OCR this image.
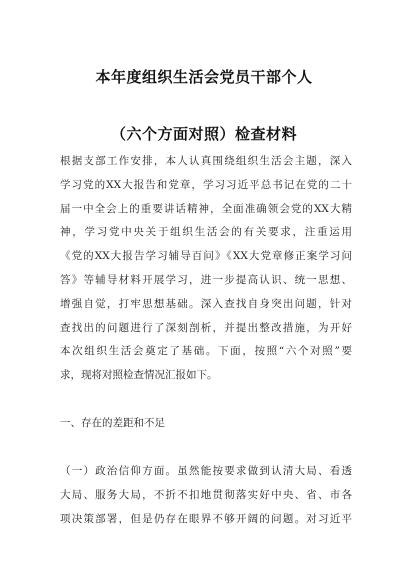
本年度组织生活会党员干部个人
（六个方面对照）检查材料
根据支部工作安排，本人认真围绕组织生活会主题，深入
学习党的XX大报告和党章，学习习近平总书记在党的二十
届一中全会上的重要讲话精神，全面准确领会党的XX大精
神，学习党中央关于组织生活会的有关要求，注重运用
《党的XX大报告学习辅导百问》《XX大党章修正案学习问
答》等辅导材料开展学习，进一步提高认识、统一思想、
增强自觉，打牢思想基础。深入查找自身突出问题，针对
查找出的问题进行了深刻剖析，并提出整改措施，为开好
本次组织生活会奠定了基础。下面，按照“六个对照”要
求，现将对照检查情况汇报如下。
一、存在的差距和不足
（一）政治信仰方面。虽然能按要求做到认清大局、看透
大局、服务大局，不折不扣地贯彻落实好中央、省、市各
项决策部署，但是仍存在眼界不够开阔的问题。对习近平
